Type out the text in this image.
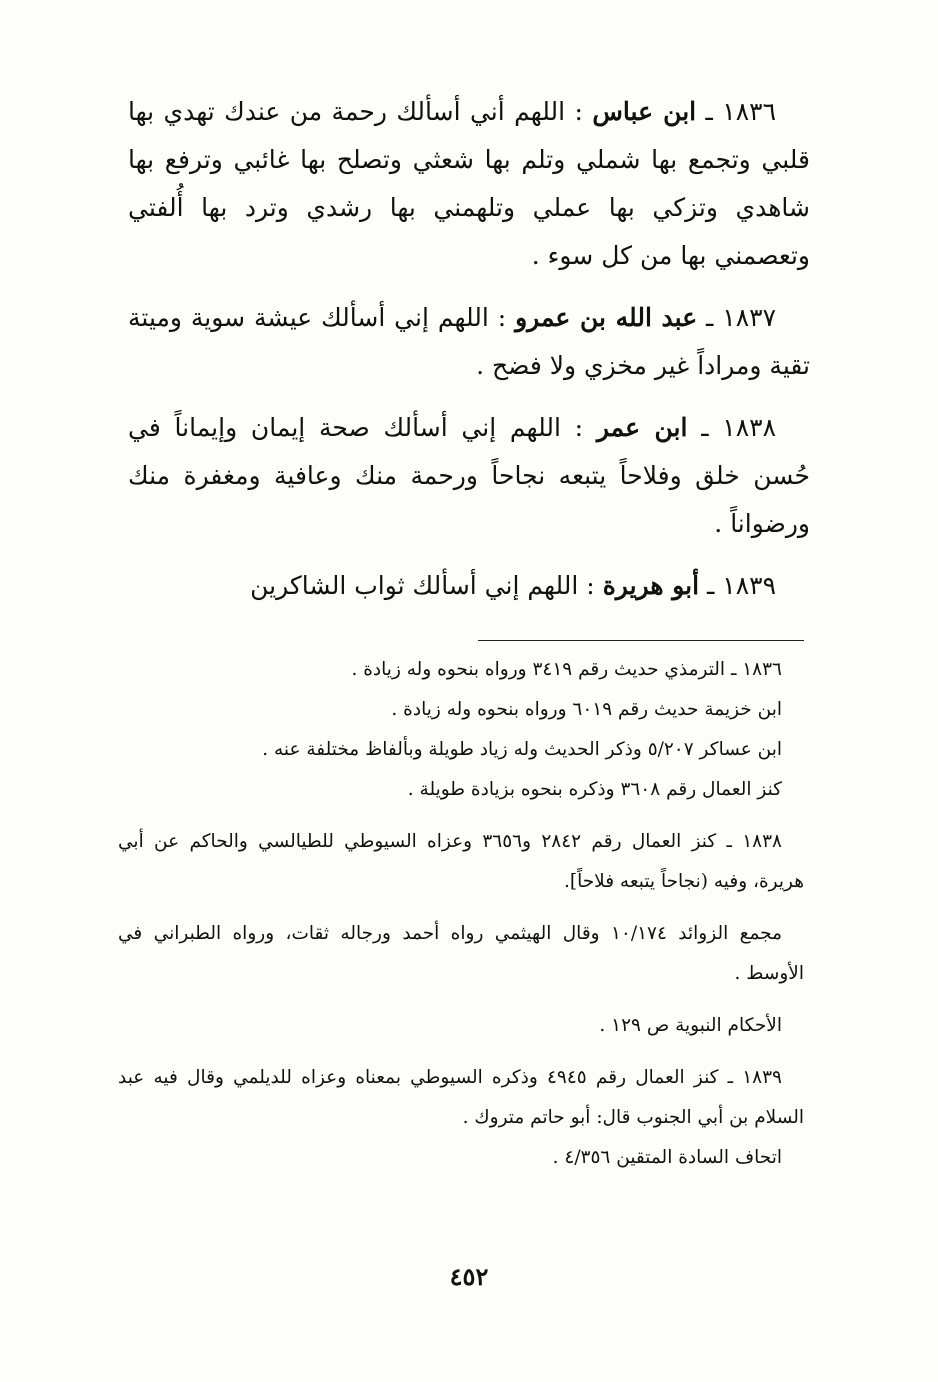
١٨٣٦ ـ ابن عباس : اللهم أني أسألك رحمة من عندك تهدي بها قلبي وتجمع بها شملي وتلم بها شعثي وتصلح بها غائبي وترفع بها شاهدي وتزكي بها عملي وتلهمني بها رشدي وترد بها أُلفتي وتعصمني بها من كل سوء .

١٨٣٧ ـ عبد الله بن عمرو : اللهم إني أسألك عيشة سوية وميتة تقية ومراداً غير مخزي ولا فضح .

١٨٣٨ ـ ابن عمر : اللهم إني أسألك صحة إيمان وإيماناً في حُسن خلق وفلاحاً يتبعه نجاحاً ورحمة منك وعافية ومغفرة منك ورضواناً .

١٨٣٩ ـ أبو هريرة : اللهم إني أسألك ثواب الشاكرين

١٨٣٦ ـ الترمذي حديث رقم ٣٤١٩ ورواه بنحوه وله زيادة .
ابن خزيمة حديث رقم ٦٠١٩ ورواه بنحوه وله زيادة .
ابن عساكر ٥/٢٠٧ وذكر الحديث وله زياد طويلة وبألفاظ مختلفة عنه .
كنز العمال رقم ٣٦٠٨ وذكره بنحوه بزيادة طويلة .
١٨٣٨ ـ كنز العمال رقم ٢٨٤٢ و٣٦٥٦ وعزاه السيوطي للطيالسي والحاكم عن أبي هريرة، وفيه (نجاحاً يتبعه فلاحاً].
مجمع الزوائد ١٠/١٧٤ وقال الهيثمي رواه أحمد ورجاله ثقات، ورواه الطبراني في الأوسط .
الأحكام النبوية ص ١٢٩ .
١٨٣٩ ـ كنز العمال رقم ٤٩٤٥ وذكره السيوطي بمعناه وعزاه للديلمي وقال فيه عبد السلام بن أبي الجنوب قال: أبو حاتم متروك .
اتحاف السادة المتقين ٤/٣٥٦ .
٤٥٢
